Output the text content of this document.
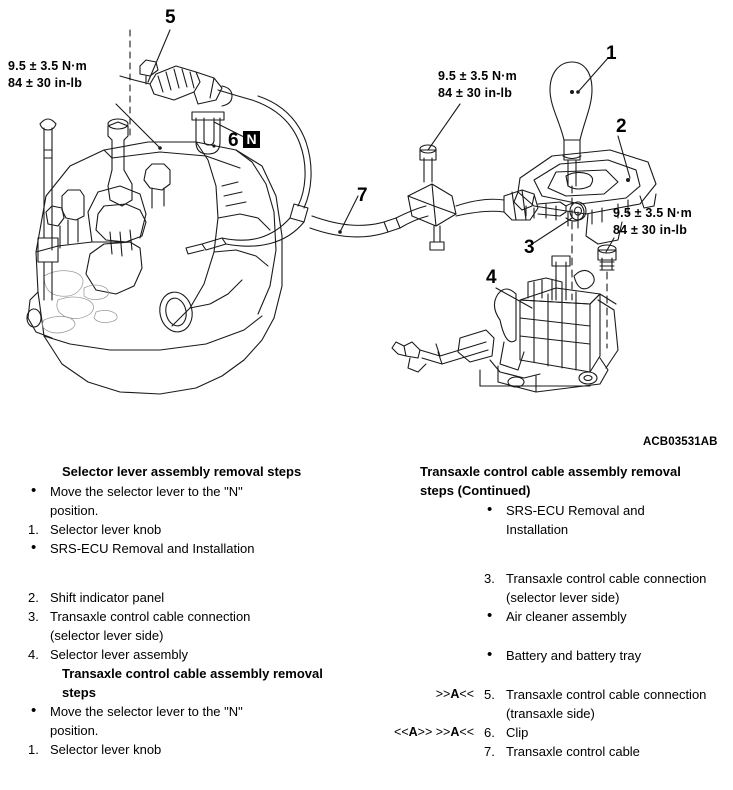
9.5 ± 3.5 N·m
84 ± 30 in-lb	9.5 ± 3.5 N·m
84 ± 30 in-lb
9.5 ± 3.5 N·m
84 ± 30 in-lb
5
6 N
7
1
2
3
4
ACB03531AB
Selector lever assembly removal steps
•	Move the selector lever to the "N"
position.
1. Selector lever knob
•	SRS-ECU Removal and Installation
2. Shift indicator panel
3. Transaxle control cable connection
(selector lever side)
4. Selector lever assembly
Transaxle control cable assembly removal steps
•	Move the selector lever to the "N"
position.
1. Selector lever knob
Transaxle control cable assembly removal steps (Continued)
•	SRS-ECU Removal and Installation
3. Transaxle control cable connection
(selector lever side)
•	Air cleaner assembly
•	Battery and battery tray
>>A<< 5. Transaxle control cable connection
(transaxle side)
<<A>> >>A<< 6. Clip
7. Transaxle control cable
